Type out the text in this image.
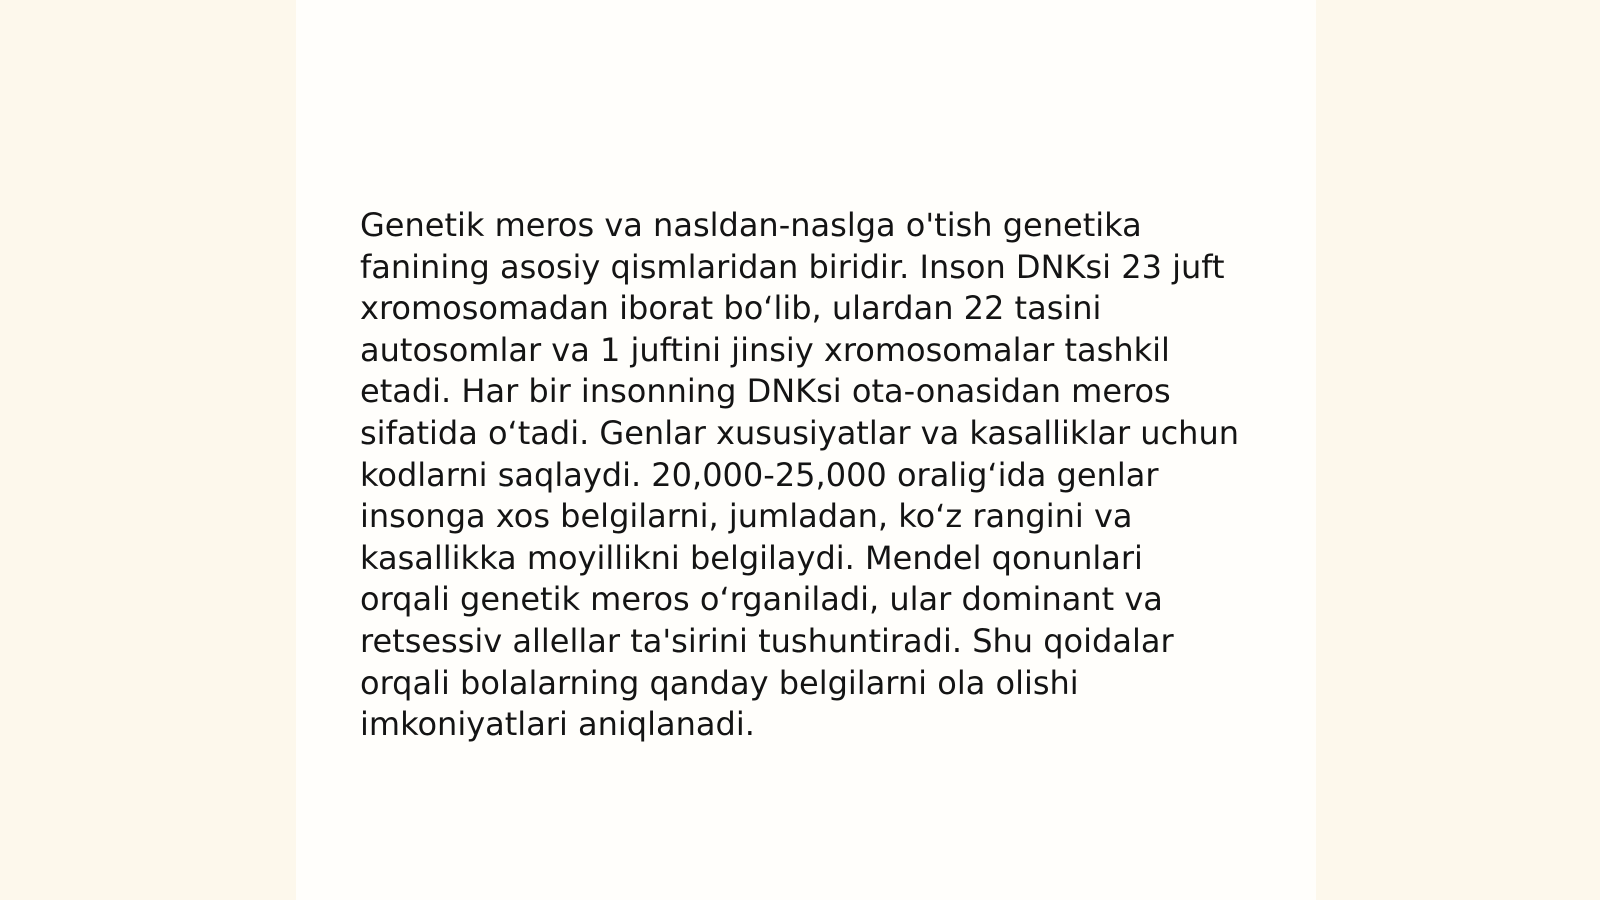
Genetik meros va nasldan-naslga o'tish genetika
fanining asosiy qismlaridan biridir. Inson DNKsi 23 juft
xromosomadan iborat bo‘lib, ulardan 22 tasini
autosomlar va 1 juftini jinsiy xromosomalar tashkil
etadi. Har bir insonning DNKsi ota-onasidan meros
sifatida o‘tadi. Genlar xususiyatlar va kasalliklar uchun
kodlarni saqlaydi. 20,000-25,000 oralig‘ida genlar
insonga xos belgilarni, jumladan, ko‘z rangini va
kasallikka moyillikni belgilaydi. Mendel qonunlari
orqali genetik meros o‘rganiladi, ular dominant va
retsessiv allellar ta'sirini tushuntiradi. Shu qoidalar
orqali bolalarning qanday belgilarni ola olishi
imkoniyatlari aniqlanadi.
